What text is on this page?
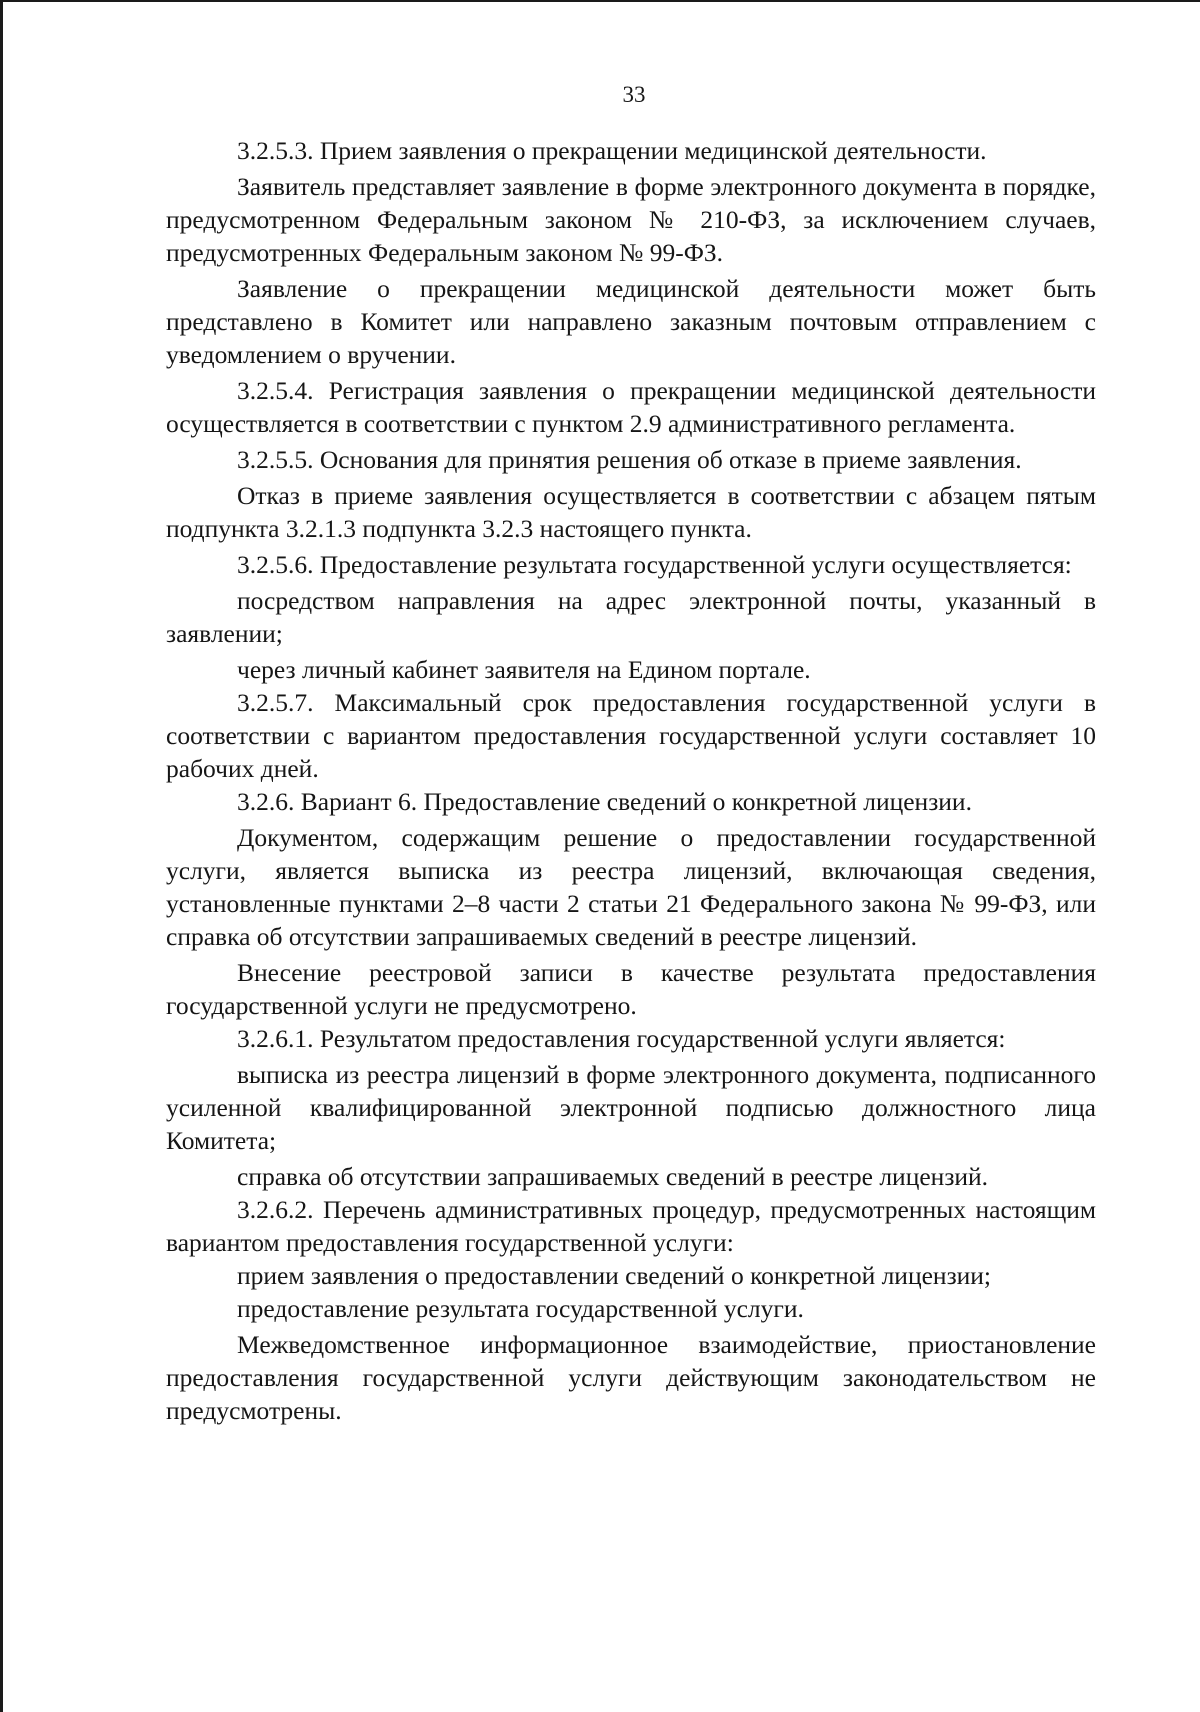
33

3.2.5.3. Прием заявления о прекращении медицинской деятельности.

Заявитель представляет заявление в форме электронного документа в порядке, предусмотренном Федеральным законом № 210-ФЗ, за исключением случаев, предусмотренных Федеральным законом № 99-ФЗ.

Заявление о прекращении медицинской деятельности может быть представлено в Комитет или направлено заказным почтовым отправлением с уведомлением о вручении.

3.2.5.4. Регистрация заявления о прекращении медицинской деятельности осуществляется в соответствии с пунктом 2.9 административного регламента.

3.2.5.5. Основания для принятия решения об отказе в приеме заявления.

Отказ в приеме заявления осуществляется в соответствии с абзацем пятым подпункта 3.2.1.3 подпункта 3.2.3 настоящего пункта.

3.2.5.6. Предоставление результата государственной услуги осуществляется:

посредством направления на адрес электронной почты, указанный в заявлении;

через личный кабинет заявителя на Едином портале.

3.2.5.7. Максимальный срок предоставления государственной услуги в соответствии с вариантом предоставления государственной услуги составляет 10 рабочих дней.

3.2.6. Вариант 6. Предоставление сведений о конкретной лицензии.

Документом, содержащим решение о предоставлении государственной услуги, является выписка из реестра лицензий, включающая сведения, установленные пунктами 2–8 части 2 статьи 21 Федерального закона № 99-ФЗ, или справка об отсутствии запрашиваемых сведений в реестре лицензий.

Внесение реестровой записи в качестве результата предоставления государственной услуги не предусмотрено.

3.2.6.1. Результатом предоставления государственной услуги является:

выписка из реестра лицензий в форме электронного документа, подписанного усиленной квалифицированной электронной подписью должностного лица Комитета;

справка об отсутствии запрашиваемых сведений в реестре лицензий.

3.2.6.2. Перечень административных процедур, предусмотренных настоящим вариантом предоставления государственной услуги:

прием заявления о предоставлении сведений о конкретной лицензии;

предоставление результата государственной услуги.

Межведомственное информационное взаимодействие, приостановление предоставления государственной услуги действующим законодательством не предусмотрены.
